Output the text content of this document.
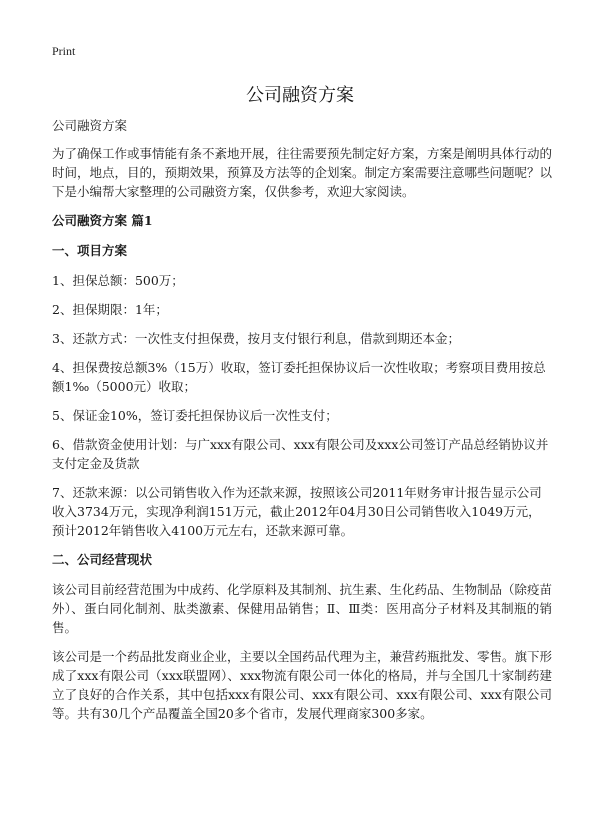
Print
公司融资方案

公司融资方案

为了确保工作或事情能有条不紊地开展，往往需要预先制定好方案，方案是阐明具体行动的时间，地点，目的，预期效果，预算及方法等的企划案。制定方案需要注意哪些问题呢？以下是小编帮大家整理的公司融资方案，仅供参考，欢迎大家阅读。

公司融资方案 篇1

一、项目方案

1、担保总额：500万；

2、担保期限：1年；

3、还款方式：一次性支付担保费，按月支付银行利息，借款到期还本金；

4、担保费按总额3%（15万）收取，签订委托担保协议后一次性收取；考察项目费用按总额1‰（5000元）收取；

5、保证金10%，签订委托担保协议后一次性支付；

6、借款资金使用计划：与广xxx有限公司、xxx有限公司及xxx公司签订产品总经销协议并支付定金及货款

7、还款来源：以公司销售收入作为还款来源，按照该公司2011年财务审计报告显示公司收入3734万元，实现净利润151万元，截止2012年04月30日公司销售收入1049万元，预计2012年销售收入4100万元左右，还款来源可靠。

二、公司经营现状

该公司目前经营范围为中成药、化学原料及其制剂、抗生素、生化药品、生物制品（除疫苗外）、蛋白同化制剂、肽类激素、保健用品销售；Ⅱ、Ⅲ类：医用高分子材料及其制瓶的销售。

该公司是一个药品批发商业企业，主要以全国药品代理为主，兼营药瓶批发、零售。旗下形成了xxx有限公司（xxx联盟网）、xxx物流有限公司一体化的格局，并与全国几十家制药建立了良好的合作关系，其中包括xxx有限公司、xxx有限公司、xxx有限公司、xxx有限公司等。共有30几个产品覆盖全国20多个省市，发展代理商家300多家。
